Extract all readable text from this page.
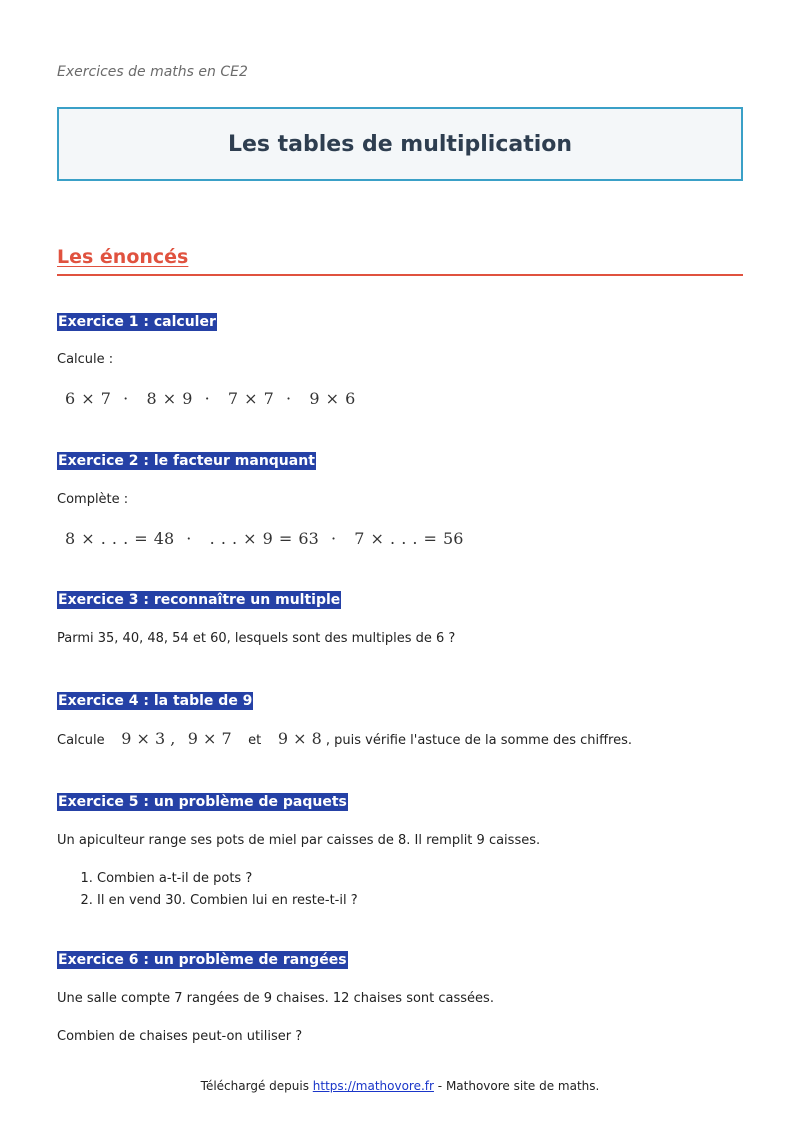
Exercices de maths en CE2
Les tables de multiplication
Les énoncés
Exercice 1 : calculer
Calcule :
6 × 7  ·   8 × 9  ·   7 × 7  ·   9 × 6
Exercice 2 : le facteur manquant
Complète :
8 × . . . = 48  ·   . . . × 9 = 63  ·   7 × . . . = 56
Exercice 3 : reconnaître un multiple
Parmi 35, 40, 48, 54 et 60, lesquels sont des multiples de 6 ?
Exercice 4 : la table de 9
Calcule 9 × 3 , 9 × 7 et 9 × 8 , puis vérifie l'astuce de la somme des chiffres.
Exercice 5 : un problème de paquets
Un apiculteur range ses pots de miel par caisses de 8. Il remplit 9 caisses.
1. Combien a-t-il de pots ?
2. Il en vend 30. Combien lui en reste-t-il ?
Exercice 6 : un problème de rangées
Une salle compte 7 rangées de 9 chaises. 12 chaises sont cassées.
Combien de chaises peut-on utiliser ?
Téléchargé depuis https://mathovore.fr - Mathovore site de maths.
